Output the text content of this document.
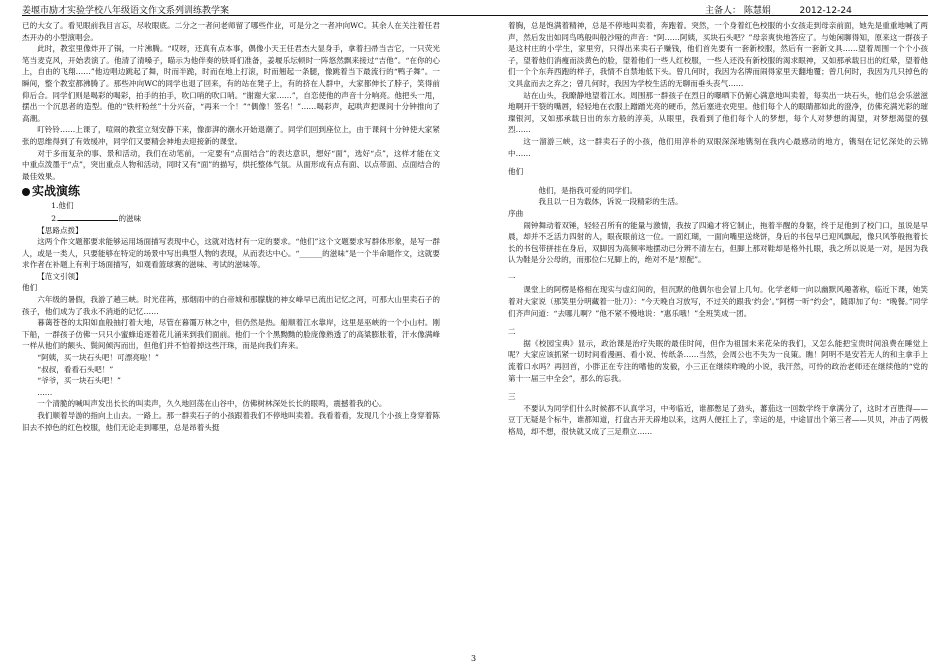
姜堰市励才实验学校八年级语文作文系列训练教学案	主备人： 陈慧娟	2012-12-24

已的大女了。看见眼前我目言忘，尽收眼底。二分之一者问老师留了哪些作业，可是分之一者冲向WC。其余人在关注着任君杰开办的小型演唱会。

此时，教室里像炸开了锅，一片沸腾。“哎呀，还真有点本事，偶像小天王任君杰大显身手，拿着扫帚当吉它，一只荧光笔当麦克风，开始表演了。他清了清嗓子，瞄示为他伴奏的铁哥们准备，姜堰乐坛顿时一阵悠然飘来接过“吉他”。“在你的心上，自由的飞翔……”他边唱边跳起了舞，时而半跪，时而在地上打滚，时而翘起一条腿，像跳着当下最流行的“鸭子舞”。一瞬间，整个教室都沸腾了。那些冲向WC的同学也退了回来，有的站在凳子上，有的挤在人群中，大家都伸长了脖子，笑得前仰后合。同学们则是喝彩的喝彩，拍手的拍手，吹口哨的吹口哨。“谢谢大家……”，自恋使他的声音十分响亮。他把头一甩，摆出一个沉思者的造型。他的“铁杆粉丝”十分兴奋，“再来一个！”“偶像！签名！”……喝彩声，起哄声把课间十分钟推向了高潮。

叮铃铃……上课了，喧闹的教室立刻安静下来，像澎湃的潮水开始退潮了。同学们回到座位上，由于课间十分钟使大家紧张的思维得到了有效缓冲，同学们又要精会神地去迎接新的课堂。

对于多而复杂的事、景和活动，我们在动笔前，一定要有“点面结合”的表达意识，想好“面”，选好“点”，这样才能在文中重点泼墨于“点”，突出重点人物和活动，同时又有“面”的描写，烘托整体气氛。从面形成有点有面、以点带面、点面结合的最佳效果。

实战演练

1.他们

2.	的滋味

【思路点拨】

这两个作文题都要求能够运用场面描写表现中心，这就对选材有一定的要求。“他们”这个文题要求写群体形象，是写一群人，或是一类人，只要能够在特定的场景中写出典型人物的表现，从而表达中心。“______的滋味”是一个半命题作文，这就要求作者在补题上有利于场面描写，如观看篮球赛的滋味、考试的滋味等。

【范文引领】

他们

六年级的暑假，我游了趟三峡。时光荏苒，那烟雨中的白帝城和那朦胧的神女峰早已流出记忆之河，可那大山里卖石子的孩子，他们成为了我永不消逝的记忆……

暮蔼苍苍的太阳如血般抽打着大地，尽管在暮霭万林之中，但仍然是热。船顺着江水靠岸，这里是巫峡的一个小山村。刚下船，一群孩子仿佛一只只小蜜蜂追逐着花儿涌来到我们面前。他们一个个黑黝黝的脸庞像熟透了的高粱膨胀着，汗水像满峰一样从他们的额头、鬓间倾泻而出，但他们并不怕着掉这些汗珠，而是向我们奔来。

“阿姨，买一块石头吧！可漂亮啦！”

“叔叔，看看石头吧！”

“爷爷，买一块石头吧！”

……

一个清脆的喊叫声发出长长的叫卖声，久久地回荡在山谷中，仿佛树林深处长长的眼鸣，震撼着我的心。

我们顺着导游的指向上山去。一路上。那一群卖石子的小孩跟着我们不停地叫卖着。我看着看，发现几个小孩上身穿着陈旧去不掉色的红色校服，他们无论走到哪里，总是昂着头挺

着胸，总是饱满着精神，总是不停地叫卖着，奔跑着。突然，一个身着红色校服的小女孩走到母亲前面，她先是重重地喊了两声，然后发出如同鸟鸣般叫般沙哑的声音：“阿……阿姨，买块石头吧？”母亲爽快地答应了。与她闲聊得知，原来这一群孩子是这村庄的小学生，家里穷，只得出来卖石子赚钱，他们首先要有一套新校服，然后有一套新文具……望着周围一个个小孩子，望着他们消瘦而淡黄色的脸，望着他们一些人红校服，一些人还没有新校服的渴求眼神，又如那承载日出的红晕，望着他们一个个东奔西跑的样子，我情不自禁地低下头。曾几何时，我因为名牌而闹得家里天翻地覆；曾几何时，我因为几只掉色的文具盒而去之弃之；曾几何时，我因为学校生活的无聊而垂头丧气……

站在山头，我瞭静地望着江水。周围那一群孩子在烈日的曝晒下仍俯心满意地叫卖着，每卖出一块石头，他们总会乐滋滋地啊开干裂的嘴唇，轻轻地在衣服上蹭蹭光亮的硬币，然后塞进衣兜里。他们每个人的眼睛都如此的澄净，仿佛充满光彩的璀璨银河，又如那承载日出的东方般的淳美，从眼里，我看到了他们每个人的梦想，每个人对梦想的渴望，对梦想渴望的强烈……

这一溜游三峡，这一群卖石子的小孩，他们用淳朴的双眼深深地镌刻在我内心最感动的地方，镌刻在记忆深处的云锦中……

他们

他们，是指我可爱的同学们。

我且以一日为载体，诉说一段精彩的生活。

序曲

闹钟舞动着双锤，轻轻召所有的能量与激情，我按了四遍才将它制止，拖着半醒的身躯，终于足他到了校门口，虽说是早晨，却并不乏活力四射的人，眼夜眼前这一位。一面红瑚，一面向嘴里送烧饼，身后的书包早已迎风飘起，像只风筝般拖着长长的书包带拼挂在身后，双脚因为高频率地摆动已分辨不清左右，但脚上那对鞋却是格外扎眼，我之所以说是一对，是因为我认为鞋是分公母的，而那位仁兄脚上的，绝对不是“原配”。

一

课堂上的阿楞是格相在现实与虚幻间的，但沉默的他偶尔也会冒上几句。化学老师一向以幽默风趣著称，临近下课，她笑着对大家说（那笑里分明藏着一肚刀）：“今天晚自习放写，不过关的跟我‘约会’。”阿楞一听“约会”，随即加了句：“晚餐。”同学们齐声问道：“去哪儿啊？”他不紧不慢地说：“惠乐哦！”全班笑成一团。

二

据《校园宝典》显示，政治课是治疗失眠的最佳时间，但作为祖国未来花朵的我们，又怎么能把宝贵时间浪费在睡觉上呢？大家应该抓紧一切时间看漫画、看小说、传纸条……当然，会周公也不失为一良策。瞧！阿明不是安若无人的和主拿手上流着口水吗？再回首，小胖正在专注的嗜他的发毅，小三正在继续昨晚的小说，我汗然，可怜的政治老师还在继续他的“党的第十一届三中全会”，那么的忘我。

三

不要认为同学们什么时候都不认真学习，中考临近，谁都憋足了劲头，蕃茄这一回数学终于拿满分了，这时才百胜得——豆丁无疑是个标牛，谁都知道，打盘古开天辟地以来，这两人便扛上了，幸运的是，中途冒出个第三者——贝贝，冲击了两极格局，却不想，很快就又成了三足鼎立……

3
